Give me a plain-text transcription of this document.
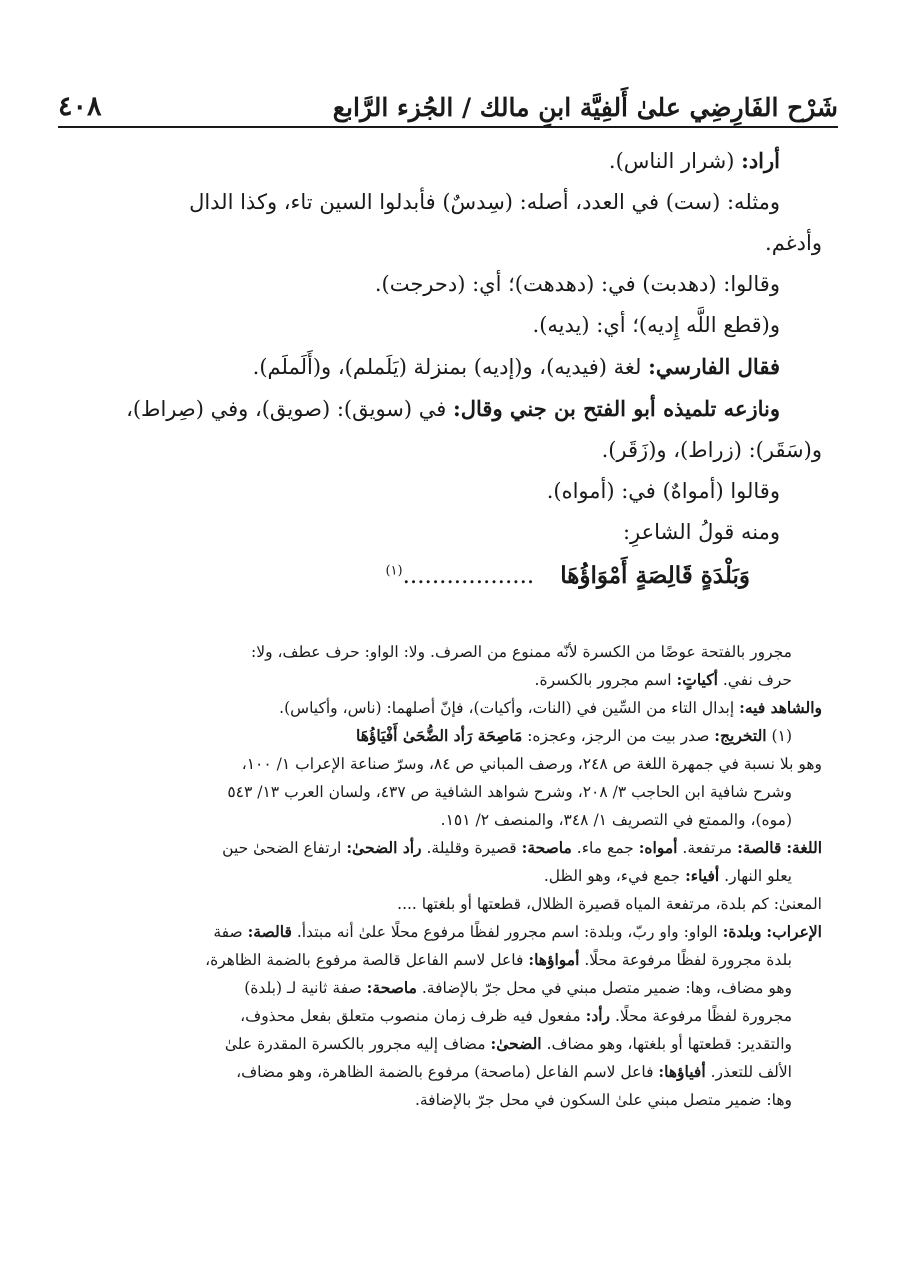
شَرْح الفَارِضِي علىٰ أَلفِيَّة ابنِ مالك / الجُزء الرَّابع
٤٠٨

أراد: (شرار الناس).

ومثله: (ست) في العدد، أصله: (سِدسٌ) فأبدلوا السين تاء، وكذا الدال

وأدغم.

وقالوا: (دهدبت) في: (دهدهت)؛ أي: (دحرجت).

و(قطع اللَّه إِديه)؛ أي: (يديه).

فقال الفارسي: لغة (فيديه)، و(إديه) بمنزلة (يَلَملم)، و(أَلَملَم).

ونازعه تلميذه أبو الفتح بن جني وقال: في (سويق): (صويق)، وفي (صِراط)،

و(سَقَر): (زراط)، و(زَقَر).

وقالوا (أمواهٌ) في: (أمواه).

ومنه قولُ الشاعرِ:

وَبَلْدَةٍ قَالِصَةٍ أَمْوَاؤُهَا..................$^{(١)}$

مجرور بالفتحة عوضًا من الكسرة لأنّه ممنوع من الصرف. ولا: الواو: حرف عطف، ولا:

حرف نفي. أكياتٍ: اسم مجرور بالكسرة.

والشاهد فيه: إبدال التاء من السِّين في (النات، وأكيات)، فإنّ أصلهما: (ناس، وأكياس).

(١) التخريج: صدر بيت من الرجز، وعجزه: مَاصِحَة رَأد الضُّحَىٰ أَفْيَاؤُهَا

وهو بلا نسبة في جمهرة اللغة ص ٢٤٨، ورصف المباني ص ٨٤، وسرّ صناعة الإعراب ١/ ١٠٠،

وشرح شافية ابن الحاجب ٣/ ٢٠٨، وشرح شواهد الشافية ص ٤٣٧، ولسان العرب ١٣/ ٥٤٣

(موه)، والممتع في التصريف ١/ ٣٤٨، والمنصف ٢/ ١٥١.

اللغة: قالصة: مرتفعة. أمواه: جمع ماء. ماصحة: قصيرة وقليلة. رأد الضحىٰ: ارتفاع الضحىٰ حين

يعلو النهار. أفياء: جمع فيء، وهو الظل.

المعنىٰ: كم بلدة، مرتفعة المياه قصيرة الظلال، قطعتها أو بلغتها ....

الإعراب: وبلدة: الواو: واو ربّ، وبلدة: اسم مجرور لفظًا مرفوع محلًا علىٰ أنه مبتدأ. قالصة: صفة

بلدة مجرورة لفظًا مرفوعة محلًا. أمواؤها: فاعل لاسم الفاعل قالصة مرفوع بالضمة الظاهرة،

وهو مضاف، وها: ضمير متصل مبني في محل جرّ بالإضافة. ماصحة: صفة ثانية لـ (بلدة)

مجرورة لفظًا مرفوعة محلًا. رأد: مفعول فيه ظرف زمان منصوب متعلق بفعل محذوف،

والتقدير: قطعتها أو بلغتها، وهو مضاف. الضحىٰ: مضاف إليه مجرور بالكسرة المقدرة علىٰ

الألف للتعذر. أفياؤها: فاعل لاسم الفاعل (ماصحة) مرفوع بالضمة الظاهرة، وهو مضاف،

وها: ضمير متصل مبني علىٰ السكون في محل جرّ بالإضافة.
